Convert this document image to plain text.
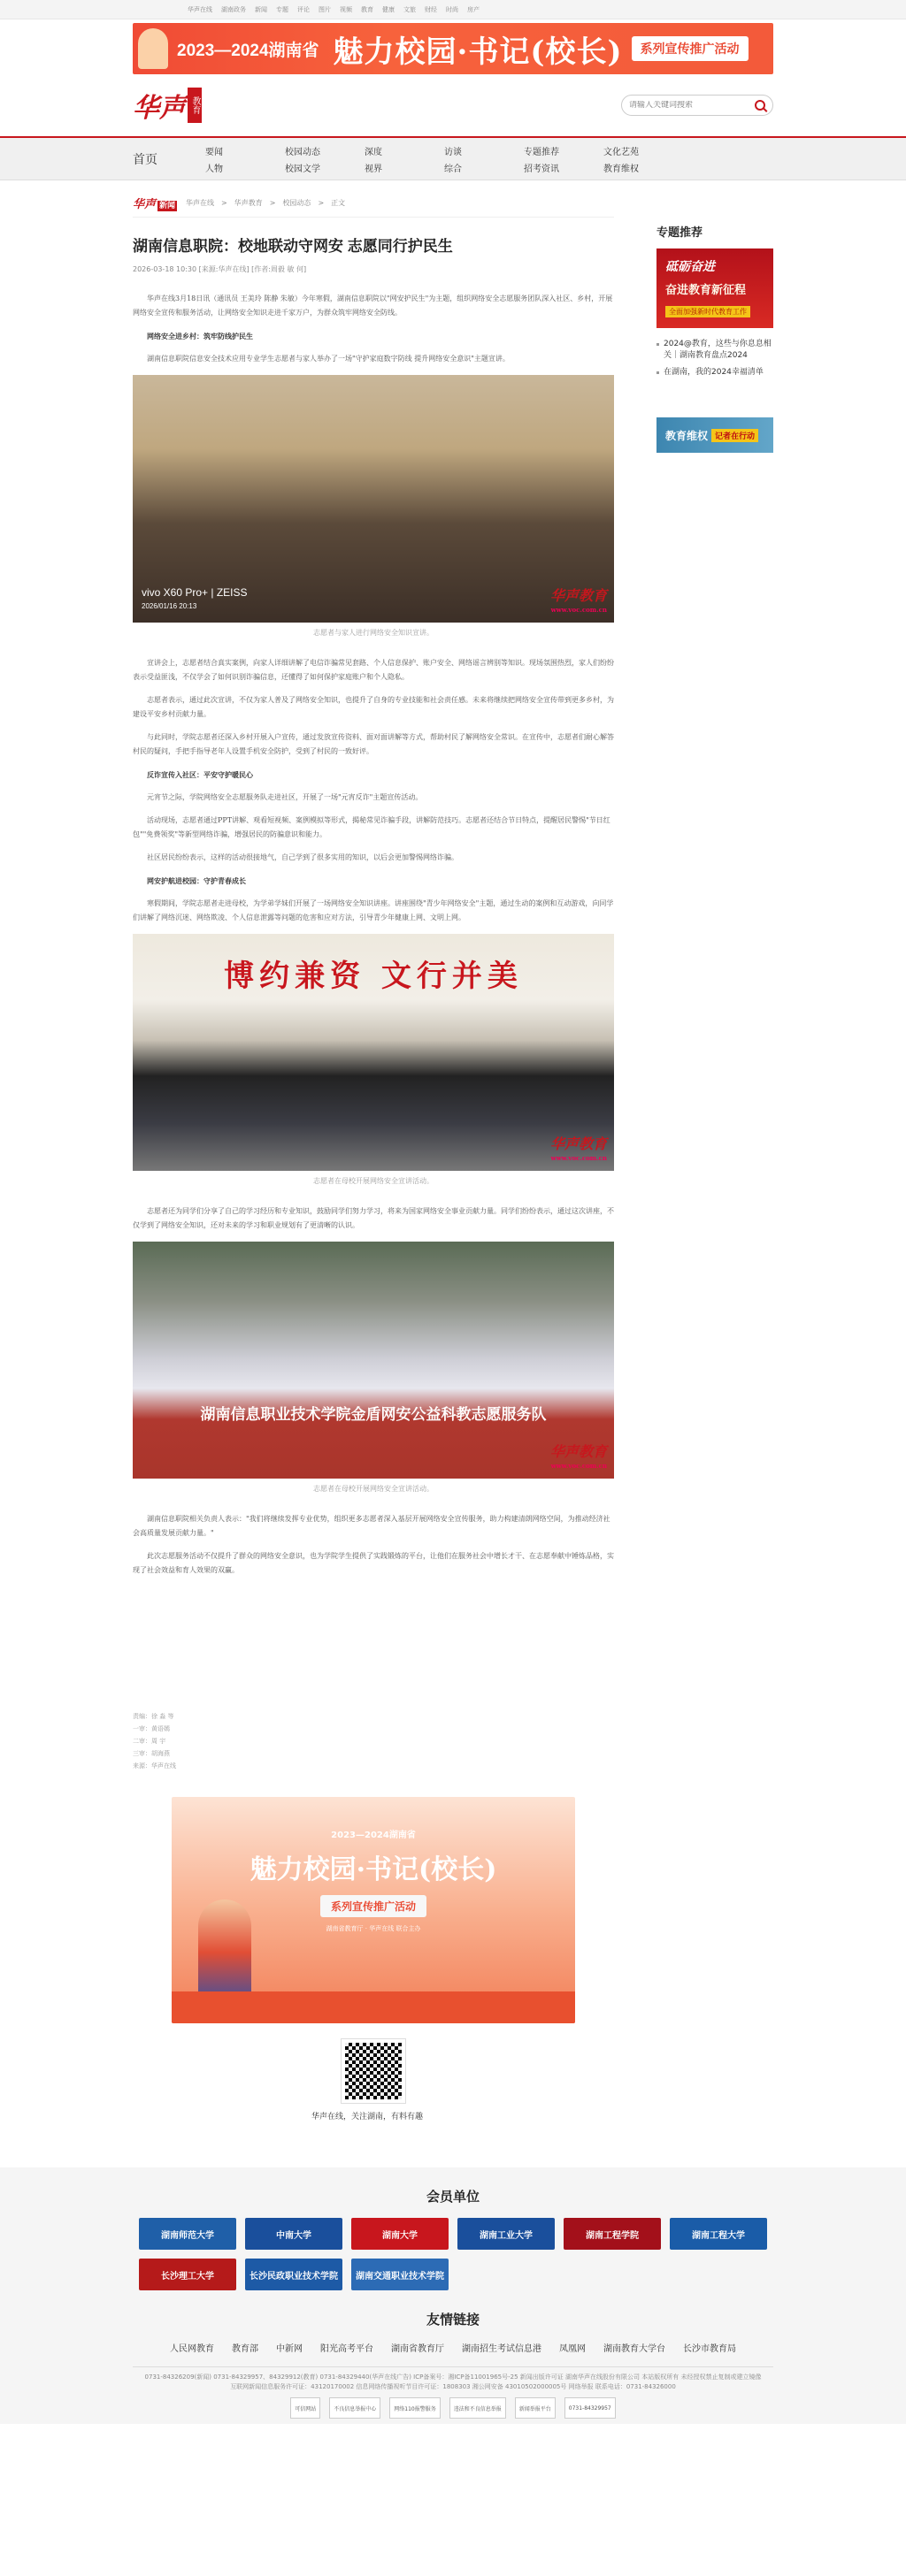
华声在线 湖南政务 新闻 专题 评论 图片 视频 教育 健康 文旅 财经 时尚 房产
2023—2024湖南省 魅力校园·书记(校长)	系列宣传推广活动
华声 教育
请输入关键词搜索
首页
要闻	校园动态	深度	访谈	专题推荐	文化艺苑
人物	校园文学	视界	综合	招考资讯	教育维权
华声 新闻 华声在线 > 华声教育 > 校园动态 > 正文
湖南信息职院：校地联动守网安 志愿同行护民生
2026-03-18 10:30 [来源:华声在线] [作者:周毅 敏 何]

华声在线3月18日讯（通讯员 王美玲 陈静 朱敏）今年寒假，湖南信息职院以"网安护民生"为主题，组织网络安全志愿服务团队深入社区、乡村，开展网络安全宣传和服务活动，让网络安全知识走进千家万户，为群众筑牢网络安全防线。

网络安全进乡村：筑牢防线护民生

湖南信息职院信息安全技术应用专业学生志愿者与家人举办了一场"守护家庭数字防线 提升网络安全意识"主题宣讲。

vivo X60 Pro+ | ZEISS
2026/01/16 20:13
华声教育
www.voc.com.cn
志愿者与家人进行网络安全知识宣讲。

宣讲会上，志愿者结合真实案例，向家人详细讲解了电信诈骗常见套路、个人信息保护、账户安全、网络谣言辨别等知识。现场氛围热烈，家人们纷纷表示受益匪浅，不仅学会了如何识别诈骗信息，还懂得了如何保护家庭账户和个人隐私。

志愿者表示，通过此次宣讲，不仅为家人普及了网络安全知识，也提升了自身的专业技能和社会责任感。未来将继续把网络安全宣传带到更多乡村，为建设平安乡村贡献力量。

与此同时，学院志愿者还深入乡村开展入户宣传，通过发放宣传资料、面对面讲解等方式，帮助村民了解网络安全常识。在宣传中，志愿者们耐心解答村民的疑问，手把手指导老年人设置手机安全防护，受到了村民的一致好评。

反诈宣传入社区：平安守护暖民心

元宵节之际，学院网络安全志愿服务队走进社区，开展了一场"元宵反诈"主题宣传活动。

活动现场，志愿者通过PPT讲解、观看短视频、案例模拟等形式，揭秘常见诈骗手段，讲解防范技巧。志愿者还结合节日特点，提醒居民警惕"节日红包""免费领奖"等新型网络诈骗，增强居民的防骗意识和能力。

社区居民纷纷表示，这样的活动很接地气，自己学到了很多实用的知识，以后会更加警惕网络诈骗。

网安护航进校园：守护青春成长

寒假期间，学院志愿者走进母校，为学弟学妹们开展了一场网络安全知识讲座。讲座围绕"青少年网络安全"主题，通过生动的案例和互动游戏，向同学们讲解了网络沉迷、网络欺凌、个人信息泄露等问题的危害和应对方法，引导青少年健康上网、文明上网。

博约兼资 文行并美
华声教育
www.voc.com.cn
志愿者在母校开展网络安全宣讲活动。

志愿者还为同学们分享了自己的学习经历和专业知识，鼓励同学们努力学习，将来为国家网络安全事业贡献力量。同学们纷纷表示，通过这次讲座，不仅学到了网络安全知识，还对未来的学习和职业规划有了更清晰的认识。

湖南信息职业技术学院金盾网安公益科教志愿服务队
华声教育
www.voc.com.cn
志愿者在母校开展网络安全宣讲活动。

湖南信息职院相关负责人表示："我们将继续发挥专业优势，组织更多志愿者深入基层开展网络安全宣传服务，助力构建清朗网络空间，为推动经济社会高质量发展贡献力量。"

此次志愿服务活动不仅提升了群众的网络安全意识，也为学院学生提供了实践锻炼的平台，让他们在服务社会中增长才干、在志愿奉献中锤炼品格，实现了社会效益和育人效果的双赢。

责编：徐 淼 等
一审：黄语嫣
二审：周 宇
三审：胡海燕
来源：华声在线
2023—2024湖南省
魅力校园·书记(校长)
系列宣传推广活动
湖南省教育厅 · 华声在线 联合主办
华声在线，关注湖南，有料有趣
专题推荐
砥砺奋进
奋进教育新征程
全面加强新时代教育工作
2024@教育，这些与你息息相关｜湖南教育盘点2024
在湖南，我的2024幸福清单
教育维权 记者在行动
会员单位
湖南师范大学	中南大学	湖南大学	湖南工业大学	湖南工程学院	湖南工程大学
长沙理工大学	长沙民政职业技术学院	湖南交通职业技术学院
友情链接
人民网教育 教育部 中新网 阳光高考平台 湖南省教育厅 湖南招生考试信息港 凤凰网 湖南教育大学台 长沙市教育局
0731-84326209(新闻) 0731-84329957、84329912(教育) 0731-84329440(华声在线广告) ICP备案号：湘ICP备11001965号-25 新闻出版许可证 湖南华声在线股份有限公司 本站版权所有 未经授权禁止复制或建立镜像
互联网新闻信息服务许可证：43120170002 信息网络传播视听节目许可证：1808303 湘公网安备 43010502000005号 网络举报 联系电话：0731-84326000
可信网站	不良信息举报中心	网络110报警服务	违法和不良信息举报	新闻举报平台	0731-84329957
